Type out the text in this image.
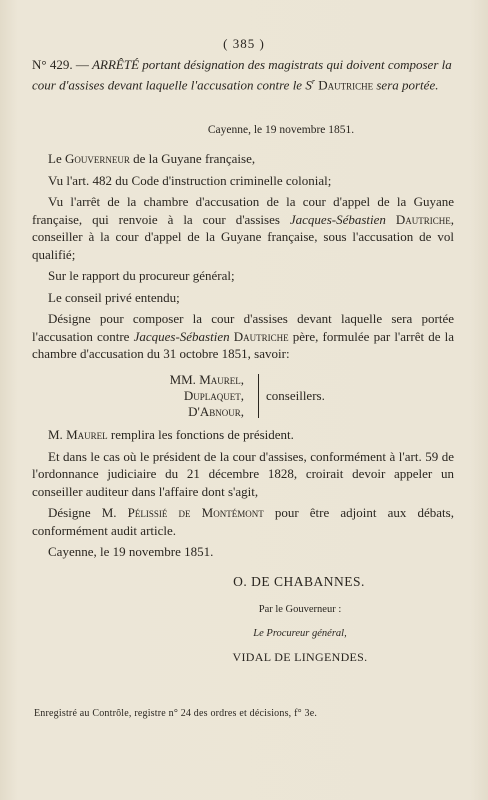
( 385 )
N° 429. — ARRÊTÉ portant désignation des magistrats qui doivent composer la cour d'assises devant laquelle l'accusation contre le $S^r$ Dautriche sera portée.
Cayenne, le 19 novembre 1851.

Le Gouverneur de la Guyane française,

Vu l'art. 482 du Code d'instruction criminelle colonial;

Vu l'arrêt de la chambre d'accusation de la cour d'appel de la Guyane française, qui renvoie à la cour d'assises Jacques-Sébastien Dautriche, conseiller à la cour d'appel de la Guyane française, sous l'accusation de vol qualifié;

Sur le rapport du procureur général;

Le conseil privé entendu;

Désigne pour composer la cour d'assises devant laquelle sera portée l'accusation contre Jacques-Sébastien Dautriche père, formulée par l'arrêt de la chambre d'accusation du 31 octobre 1851, savoir:

MM. Maurel,
Duplaquet,
D'Abnour,
conseillers.

M. Maurel remplira les fonctions de président.

Et dans le cas où le président de la cour d'assises, conformément à l'art. 59 de l'ordonnance judiciaire du 21 décembre 1828, croirait devoir appeler un conseiller auditeur dans l'affaire dont s'agit,

Désigne M. Pélissié de Montémont pour être adjoint aux débats, conformément audit article.

Cayenne, le 19 novembre 1851.

O. DE CHABANNES.
Par le Gouverneur :
Le Procureur général,
VIDAL DE LINGENDES.
Enregistré au Contrôle, registre n° 24 des ordres et décisions, f° 3e.
